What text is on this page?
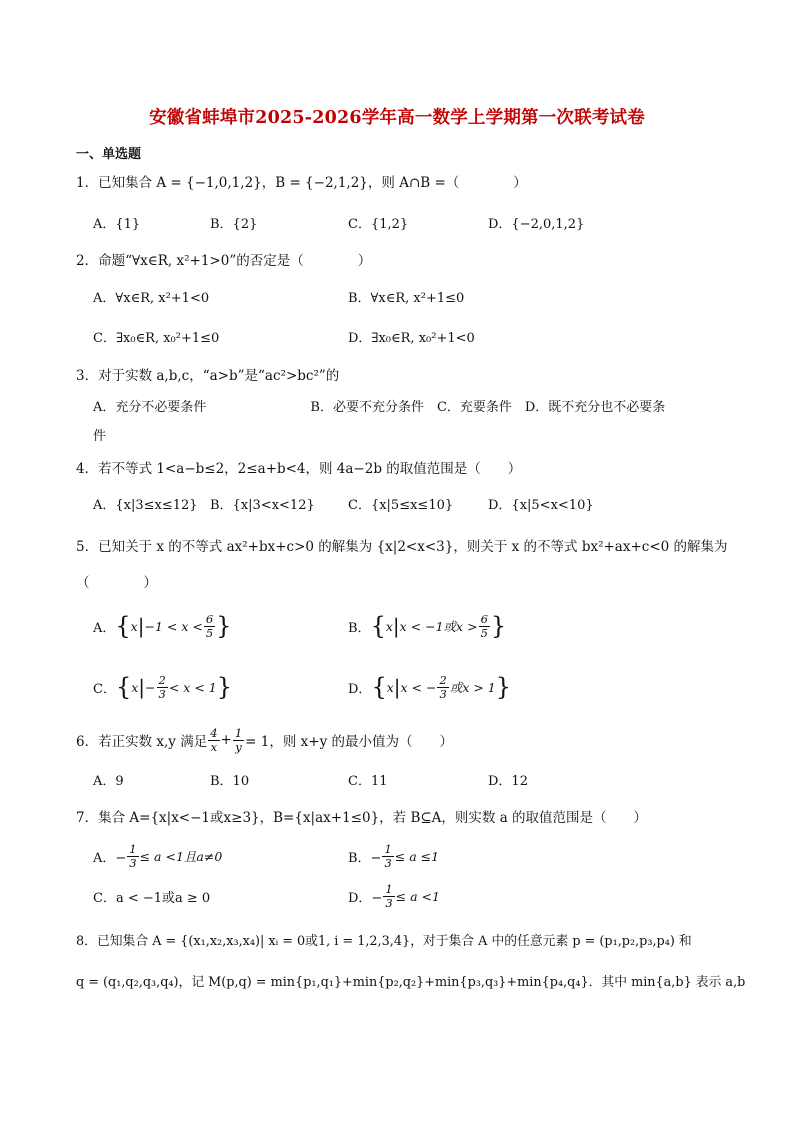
安徽省蚌埠市2025-2026学年高一数学上学期第一次联考试卷
一、单选题
1．已知集合 A = {−1,0,1,2}，B = {−2,1,2}，则 A∩B =（　　　　）
A．{1}	B．{2}	C．{1,2}	D．{−2,0,1,2}
2．命题“∀x∈R, x²+1>0”的否定是（　　　　）
A．∀x∈R, x²+1<0	B．∀x∈R, x²+1≤0
C．∃x₀∈R, x₀²+1≤0	D．∃x₀∈R, x₀²+1<0
3．对于实数 a,b,c，“a>b”是“ac²>bc²”的
A．充分不必要条件　　　　　　　　B．必要不充分条件　C．充要条件　D．既不充分也不必要条
件
4．若不等式 1<a−b≤2，2≤a+b<4，则 4a−2b 的取值范围是（　　）
A．{x|3≤x≤12} B．{x|3<x<12}	C．{x|5≤x≤10}	D．{x|5<x<10}
5．已知关于 x 的不等式 ax²+bx+c>0 的解集为 {x|2<x<3}，则关于 x 的不等式 bx²+ax+c<0 的解集为
（　　　　）
A． { x | $-1 < x < \frac{6}{5}$ }	B． { x | x < −1或$x > \frac{6}{5}$ }
C． { x | − $\frac{2}{3} < x < 1$ }	D． { x | x < − $\frac{2}{3}$ 或x > 1 }
6．若正实数 x,y 满足 $\frac{4}{x} + \frac{1}{y} = 1$，则 x+y 的最小值为（　　）
A．9	B．10	C．11	D．12
7．集合 A={x|x<−1或x≥3}，B={x|ax+1≤0}，若 B⊆A，则实数 a 的取值范围是（　　）
A．− $\frac{1}{3} \le a <1$且a≠0	B．− $\frac{1}{3} \le a \le 1$
C．a < −1或a ≥ 0	D．− $\frac{1}{3} \le a <1$
8．已知集合 A = {(x₁,x₂,x₃,x₄)| xᵢ = 0或1, i = 1,2,3,4}，对于集合 A 中的任意元素 p = (p₁,p₂,p₃,p₄) 和
q = (q₁,q₂,q₃,q₄)，记 M(p,q) = min{p₁,q₁}+min{p₂,q₂}+min{p₃,q₃}+min{p₄,q₄}．其中 min{a,b} 表示 a,b
